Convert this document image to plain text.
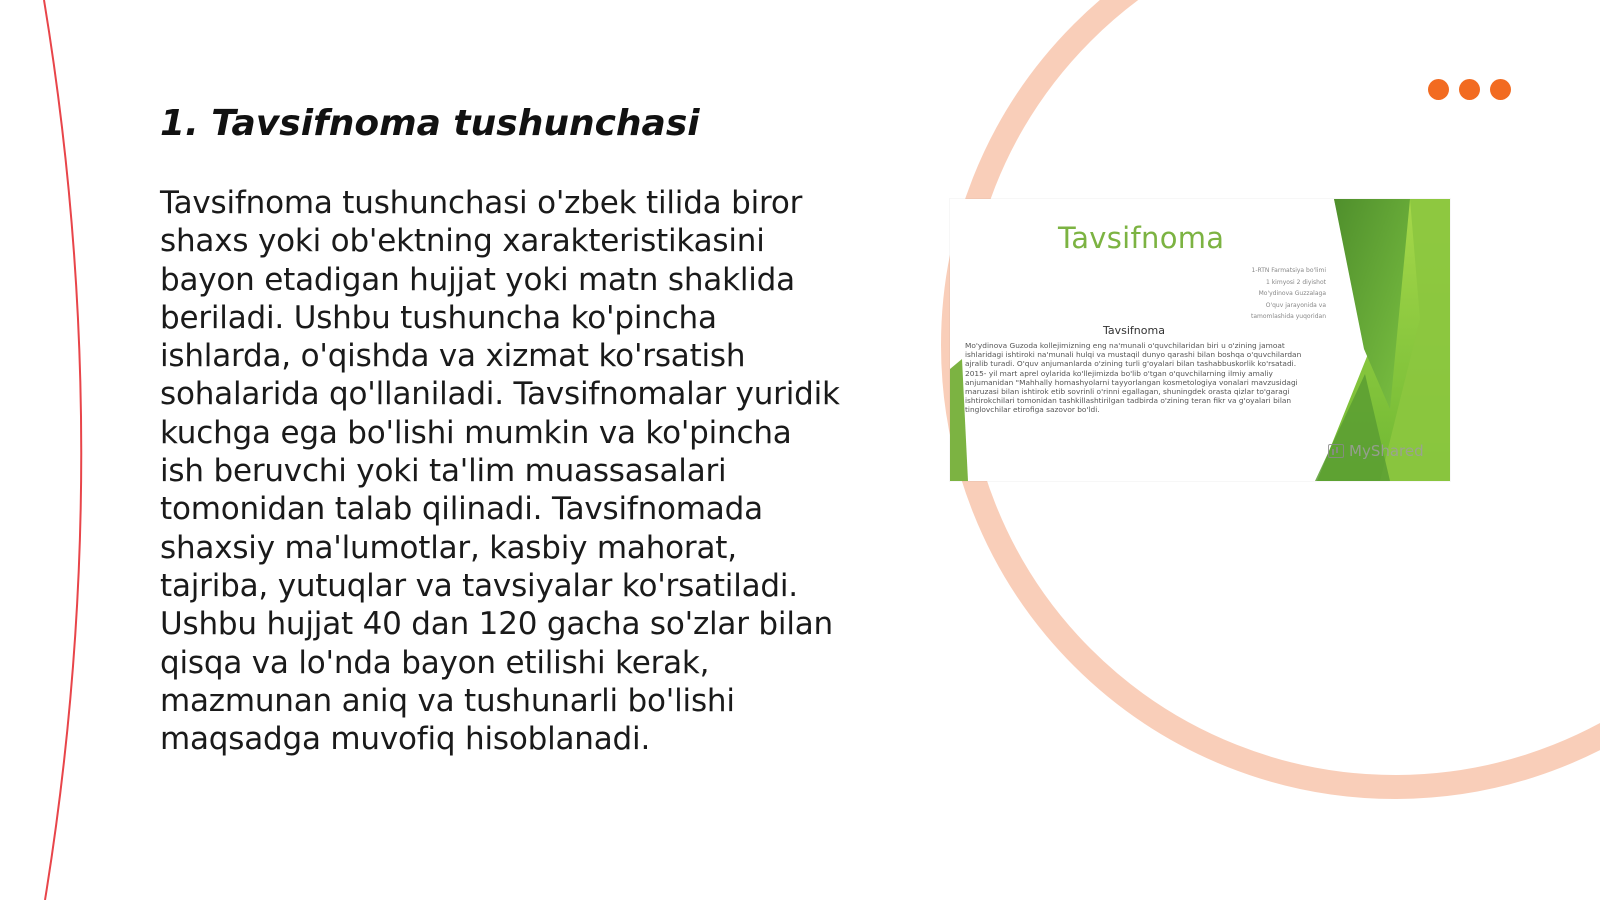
1. Tavsifnoma tushunchasi

Tavsifnoma tushunchasi o'zbek tilida biror shaxs yoki ob'ektning xarakteristikasini bayon etadigan hujjat yoki matn shaklida beriladi. Ushbu tushuncha ko'pincha ishlarda, o'qishda va xizmat ko'rsatish sohalarida qo'llaniladi. Tavsifnomalar yuridik kuchga ega bo'lishi mumkin va ko'pincha ish beruvchi yoki ta'lim muassasalari tomonidan talab qilinadi. Tavsifnomada shaxsiy ma'lumotlar, kasbiy mahorat, tajriba, yutuqlar va tavsiyalar ko'rsatiladi. Ushbu hujjat 40 dan 120 gacha so'zlar bilan qisqa va lo'nda bayon etilishi kerak, mazmunan aniq va tushunarli bo'lishi maqsadga muvofiq hisoblanadi.

Tavsifnoma
1-RTN Farmatsiya bo'limi
1 kimyosi 2 diyishot
Mo'ydinova Guzzalaga
O'quv jarayonida va
tamomlashida yuqoridan
Tavsifnoma

Mo'ydinova Guzoda kollejimizning eng na'munali o'quvchilaridan biri u o'zining jamoat ishlaridagi ishtiroki na'munali hulqi va mustaqil dunyo qarashi bilan boshqa o'quvchilardan ajralib turadi. O'quv anjumanlarda o'zining turli g'oyalari bilan tashabbuskorlik ko'rsatadi. 2015- yil mart aprel oylarida ko'llejimizda bo'lib o'tgan o'quvchilarning ilmiy amaliy anjumanidan "Mahhally homashyolarni tayyorlangan kosmetologiya vonalari mavzusidagi maruzasi bilan ishtirok etib sovrinli o'rinni egallagan, shuningdek orasta qizlar to'garagi ishtirokchilari tomonidan tashkillashtirilgan tadbirda o'zining teran fikr va g'oyalari bilan tinglovchilar etirofiga sazovor bo'ldi.

MyShared
